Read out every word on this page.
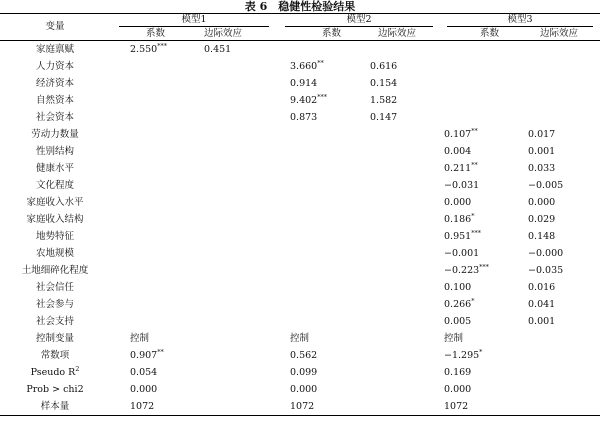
表 6　稳健性检验结果
变量	模型1		模型2		模型3	
	系数	边际效应	系数	边际效应	系数	边际效应
家庭禀赋	2.550***	0.451				
人力资本			3.660**	0.616		
经济资本			0.914	0.154		
自然资本			9.402***	1.582		
社会资本			0.873	0.147		
劳动力数量					0.107**	0.017
性别结构					0.004	0.001
健康水平					0.211**	0.033
文化程度					−0.031	−0.005
家庭收入水平					0.000	0.000
家庭收入结构					0.186*	0.029
地势特征					0.951***	0.148
农地规模					−0.001	−0.000
土地细碎化程度					−0.223***	−0.035
社会信任					0.100	0.016
社会参与					0.266*	0.041
社会支持					0.005	0.001
控制变量	控制		控制		控制	
常数项	0.907**		0.562		−1.295*	
Pseudo $R^2$	0.054		0.099		0.169	
Prob > chi2	0.000		0.000		0.000	
样本量	1072		1072		1072	
